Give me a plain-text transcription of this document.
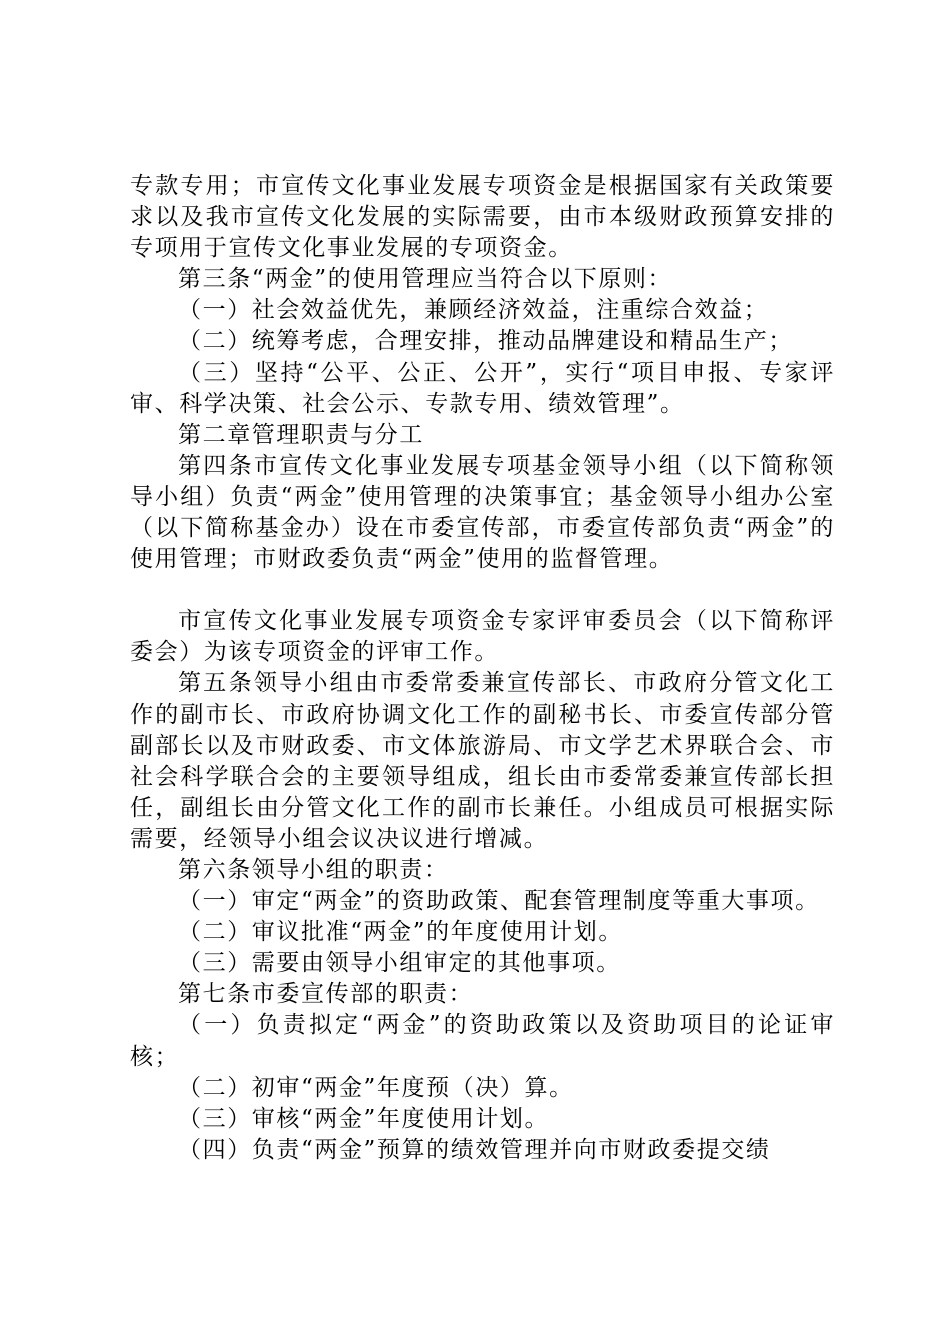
专款专用；市宣传文化事业发展专项资金是根据国家有关政策要求以及我市宣传文化发展的实际需要，由市本级财政预算安排的专项用于宣传文化事业发展的专项资金。

第三条“两金”的使用管理应当符合以下原则：

（一）社会效益优先，兼顾经济效益，注重综合效益；

（二）统筹考虑，合理安排，推动品牌建设和精品生产；

（三）坚持“公平、公正、公开”，实行“项目申报、专家评审、科学决策、社会公示、专款专用、绩效管理”。

第二章管理职责与分工

第四条市宣传文化事业发展专项基金领导小组（以下简称领导小组）负责“两金”使用管理的决策事宜；基金领导小组办公室（以下简称基金办）设在市委宣传部，市委宣传部负责“两金”的使用管理；市财政委负责“两金”使用的监督管理。

市宣传文化事业发展专项资金专家评审委员会（以下简称评委会）为该专项资金的评审工作。

第五条领导小组由市委常委兼宣传部长、市政府分管文化工作的副市长、市政府协调文化工作的副秘书长、市委宣传部分管副部长以及市财政委、市文体旅游局、市文学艺术界联合会、市社会科学联合会的主要领导组成，组长由市委常委兼宣传部长担任，副组长由分管文化工作的副市长兼任。小组成员可根据实际需要，经领导小组会议决议进行增减。

第六条领导小组的职责：

（一）审定“两金”的资助政策、配套管理制度等重大事项。

（二）审议批准“两金”的年度使用计划。

（三）需要由领导小组审定的其他事项。

第七条市委宣传部的职责：

（一）负责拟定“两金”的资助政策以及资助项目的论证审核；

（二）初审“两金”年度预（决）算。

（三）审核“两金”年度使用计划。

（四）负责“两金”预算的绩效管理并向市财政委提交绩
